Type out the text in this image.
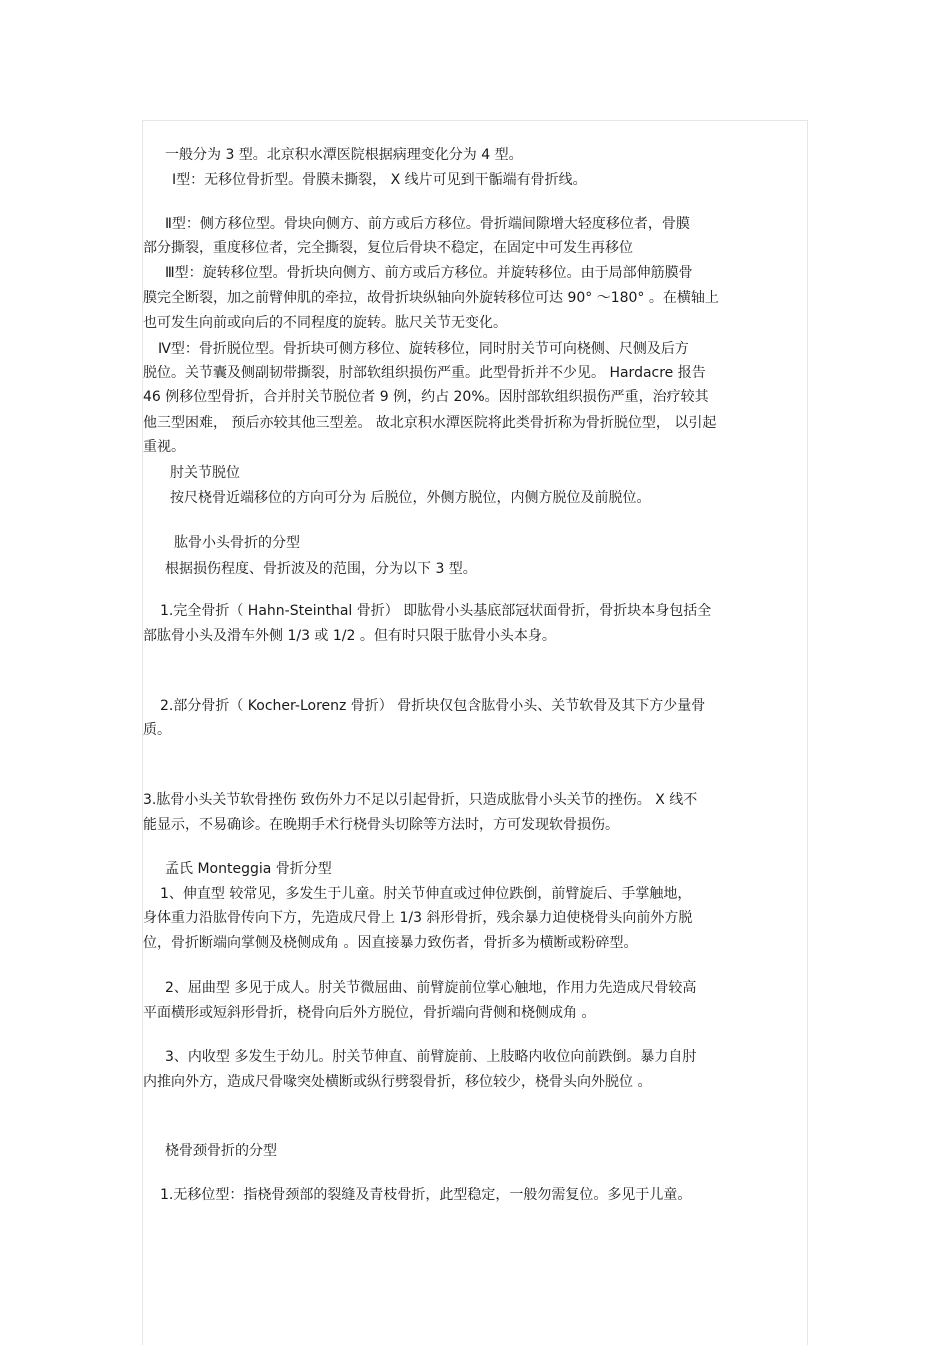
一般分为 3 型。北京积水潭医院根据病理变化分为 4 型。
Ⅰ型：无移位骨折型。骨膜未撕裂， X 线片可见到干骺端有骨折线。
Ⅱ型：侧方移位型。骨块向侧方、前方或后方移位。骨折端间隙增大轻度移位者，骨膜
部分撕裂，重度移位者，完全撕裂，复位后骨块不稳定，在固定中可发生再移位
Ⅲ型：旋转移位型。骨折块向侧方、前方或后方移位。并旋转移位。由于局部伸筋膜骨
膜完全断裂，加之前臂伸肌的牵拉，故骨折块纵轴向外旋转移位可达 90° ～180° 。在横轴上
也可发生向前或向后的不同程度的旋转。肱尺关节无变化。
Ⅳ型：骨折脱位型。骨折块可侧方移位、旋转移位，同时肘关节可向桡侧、尺侧及后方
脱位。关节囊及侧副韧带撕裂，肘部软组织损伤严重。此型骨折并不少见。 Hardacre 报告
46 例移位型骨折，合并肘关节脱位者 9 例，约占 20%。因肘部软组织损伤严重，治疗较其
他三型困难， 预后亦较其他三型差。 故北京积水潭医院将此类骨折称为骨折脱位型， 以引起
重视。
肘关节脱位
按尺桡骨近端移位的方向可分为 后脱位，外侧方脱位，内侧方脱位及前脱位。
肱骨小头骨折的分型
根据损伤程度、骨折波及的范围，分为以下 3 型。
1.完全骨折（ Hahn-Steinthal 骨折） 即肱骨小头基底部冠状面骨折，骨折块本身包括全
部肱骨小头及滑车外侧 1/3 或 1/2 。但有时只限于肱骨小头本身。
2.部分骨折（ Kocher-Lorenz 骨折） 骨折块仅包含肱骨小头、关节软骨及其下方少量骨
质。
3.肱骨小头关节软骨挫伤 致伤外力不足以引起骨折，只造成肱骨小头关节的挫伤。 X 线不
能显示，不易确诊。在晚期手术行桡骨头切除等方法时，方可发现软骨损伤。
孟氏 Monteggia 骨折分型
1、伸直型 较常见，多发生于儿童。肘关节伸直或过伸位跌倒，前臂旋后、手掌触地，
身体重力沿肱骨传向下方，先造成尺骨上 1/3 斜形骨折，残余暴力迫使桡骨头向前外方脱
位，骨折断端向掌侧及桡侧成角 。因直接暴力致伤者，骨折多为横断或粉碎型。
2、屈曲型 多见于成人。肘关节微屈曲、前臂旋前位掌心触地，作用力先造成尺骨较高
平面横形或短斜形骨折，桡骨向后外方脱位，骨折端向背侧和桡侧成角 。
3、内收型 多发生于幼儿。肘关节伸直、前臂旋前、上肢略内收位向前跌倒。暴力自肘
内推向外方，造成尺骨喙突处横断或纵行劈裂骨折，移位较少，桡骨头向外脱位 。
桡骨颈骨折的分型
1.无移位型：指桡骨颈部的裂缝及青枝骨折，此型稳定，一般勿需复位。多见于儿童。
